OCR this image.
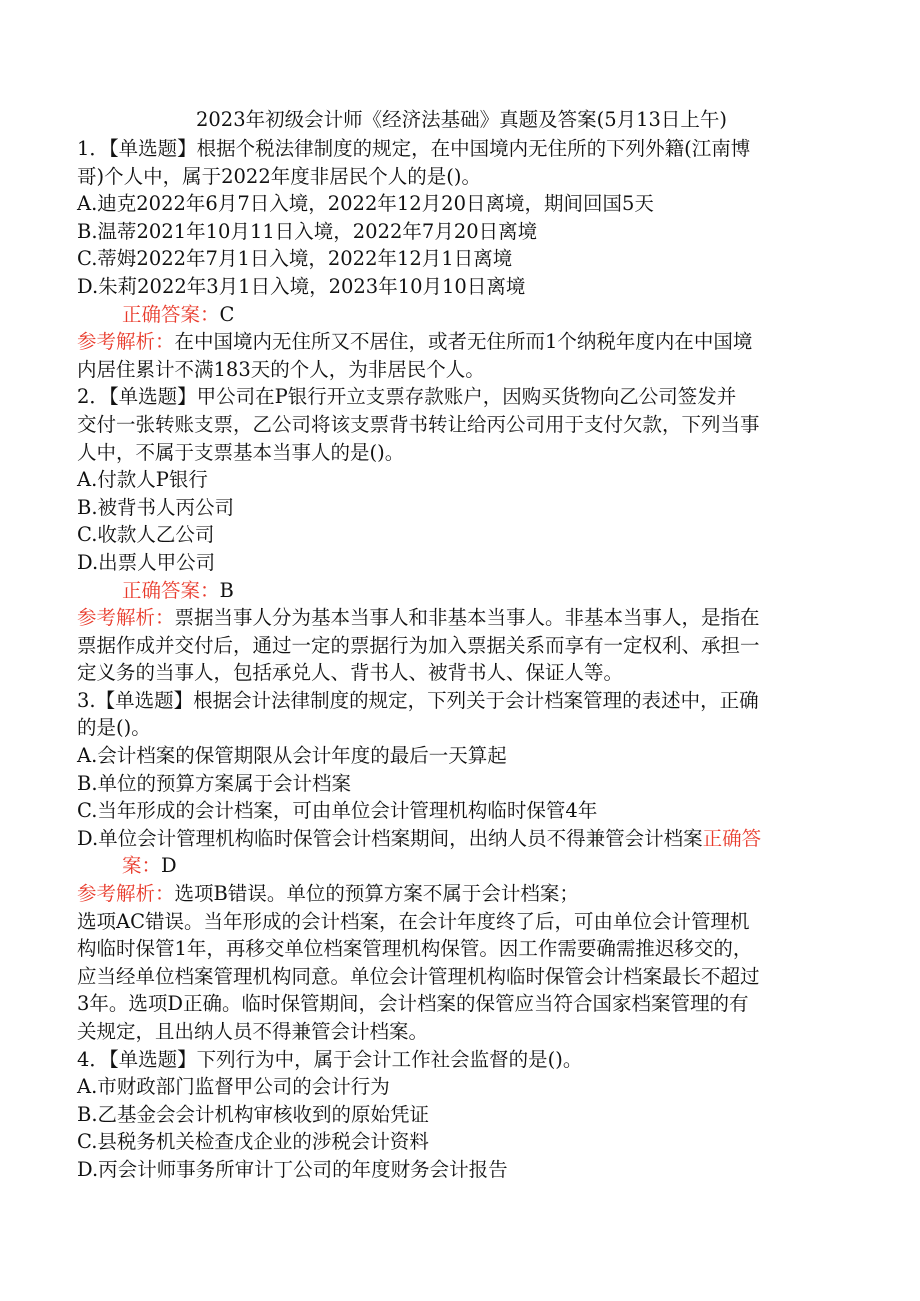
2023年初级会计师《经济法基础》真题及答案(5月13日上午)

1．【单选题】根据个税法律制度的规定，在中国境内无住所的下列外籍(江南博

哥)个人中，属于2022年度非居民个人的是()。

A.迪克2022年6月7日入境，2022年12月20日离境，期间回国5天

B.温蒂2021年10月11日入境，2022年7月20日离境

C.蒂姆2022年7月1日入境，2022年12月1日离境

D.朱莉2022年3月1日入境，2023年10月10日离境

正确答案：C

参考解析：在中国境内无住所又不居住，或者无住所而1个纳税年度内在中国境

内居住累计不满183天的个人，为非居民个人。

2．【单选题】甲公司在P银行开立支票存款账户，因购买货物向乙公司签发并

交付一张转账支票，乙公司将该支票背书转让给丙公司用于支付欠款，下列当事

人中，不属于支票基本当事人的是()。

A.付款人P银行

B.被背书人丙公司

C.收款人乙公司

D.出票人甲公司

正确答案：B

参考解析：票据当事人分为基本当事人和非基本当事人。非基本当事人，是指在

票据作成并交付后，通过一定的票据行为加入票据关系而享有一定权利、承担一

定义务的当事人，包括承兑人、背书人、被背书人、保证人等。

3.【单选题】根据会计法律制度的规定，下列关于会计档案管理的表述中，正确

的是()。

A.会计档案的保管期限从会计年度的最后一天算起

B.单位的预算方案属于会计档案

C.当年形成的会计档案，可由单位会计管理机构临时保管4年

D.单位会计管理机构临时保管会计档案期间，出纳人员不得兼管会计档案正确答

案：D

参考解析：选项B错误。单位的预算方案不属于会计档案；

选项AC错误。当年形成的会计档案，在会计年度终了后，可由单位会计管理机

构临时保管1年，再移交单位档案管理机构保管。因工作需要确需推迟移交的，

应当经单位档案管理机构同意。单位会计管理机构临时保管会计档案最长不超过

3年。选项D正确。临时保管期间，会计档案的保管应当符合国家档案管理的有

关规定，且出纳人员不得兼管会计档案。

4．【单选题】下列行为中，属于会计工作社会监督的是()。

A.市财政部门监督甲公司的会计行为

B.乙基金会会计机构审核收到的原始凭证

C.县税务机关检查戊企业的涉税会计资料

D.丙会计师事务所审计丁公司的年度财务会计报告
